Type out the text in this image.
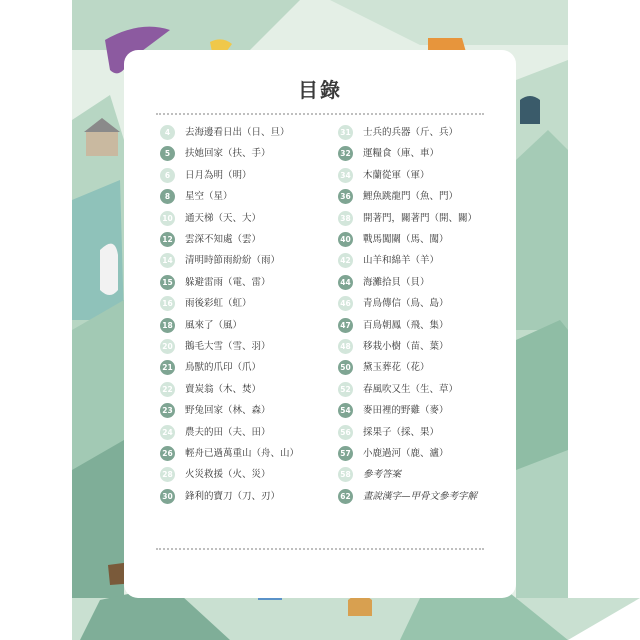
目錄
4	去海邊看日出（日、旦）
5	扶她回家（扶、手）
6	日月為明（明）
8	星空（星）
10 通天梯（天、大）
12 雲深不知處（雲）
14 清明時節雨紛紛（雨）
15 躲避雷雨（電、雷）
16 雨後彩虹（虹）
18 風來了（風）
20 鵝毛大雪（雪、羽）
21 鳥獸的爪印（爪）
22 賣炭翁（木、焚）
23 野兔回家（林、森）
24 農夫的田（夫、田）
26 輕舟已過萬重山（舟、山）
28 火災救援（火、災）
30 鋒利的寶刀（刀、刃）
31 士兵的兵器（斤、兵）
32 運糧食（庫、車）
34 木蘭從軍（軍）
36 鯉魚跳龍門（魚、門）
38 開著門，關著門（開、關）
40 戰馬闖關（馬、闖）
42 山羊和綿羊（羊）
44 海灘拾貝（貝）
46 青鳥傳信（鳥、島）
47 百鳥朝鳳（飛、集）
48 移栽小樹（苗、葉）
50 黛玉葬花（花）
52 春風吹又生（生、草）
54 麥田裡的野雞（麥）
56 採果子（採、果）
57 小鹿過河（鹿、瀘）
58 參考答案
62 畫說漢字—甲骨文參考字解
